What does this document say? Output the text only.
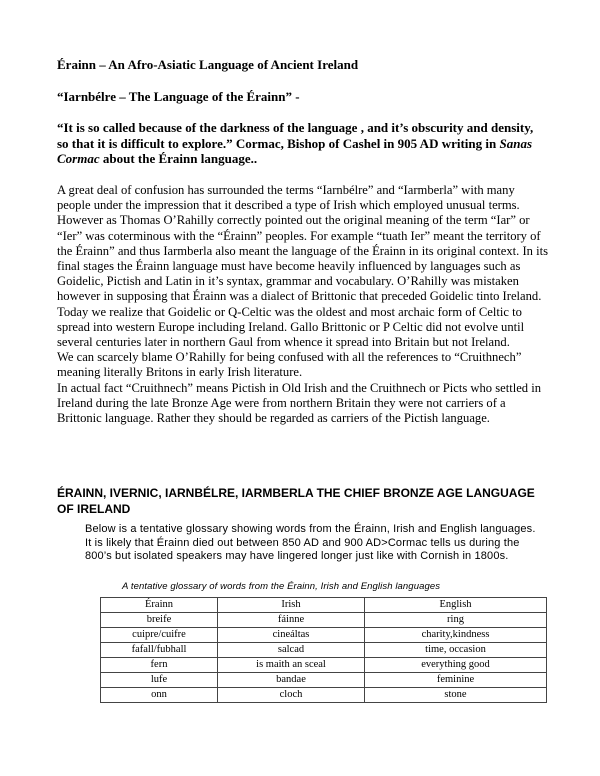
Érainn – An Afro-Asiatic Language of Ancient Ireland
“Iarnbélre – The Language of the Érainn” -
“It is so called because of the darkness of the language , and it’s obscurity and density, so that it is difficult to explore.” Cormac, Bishop of Cashel in 905 AD writing in Sanas Cormac about the Érainn language..

A great deal of confusion has surrounded the terms “Iarnbélre” and “Iarmberla” with many people under the impression that it described a type of Irish which employed unusual terms. However as Thomas O’Rahilly correctly pointed out the original meaning of the term “Iar” or “Ier” was coterminous with the “Érainn” peoples. For example “tuath Ier” meant the territory of the Érainn” and thus Iarmberla also meant the language of the Érainn in its original context. In its final stages the Érainn language must have become heavily influenced by languages such as Goidelic, Pictish and Latin in it’s syntax, grammar and vocabulary. O’Rahilly was mistaken however in supposing that Érainn was a dialect of Brittonic that preceded Goidelic tinto Ireland. Today we realize that Goidelic or Q-Celtic was the oldest and most archaic form of Celtic to spread into western Europe including Ireland. Gallo Brittonic or P Celtic did not evolve until several centuries later in northern Gaul from whence it spread into Britain but not Ireland.

We can scarcely blame O’Rahilly for being confused with all the references to “Cruithnech” meaning literally Britons in early Irish literature.

In actual fact “Cruithnech” means Pictish in Old Irish and the Cruithnech or Picts who settled in Ireland during the late Bronze Age were from northern Britain they were not carriers of a Brittonic language. Rather they should be regarded as carriers of the Pictish language.

ÉRAINN, IVERNIC, IARNBÉLRE, IARMBERLA THE CHIEF BRONZE AGE LANGUAGE OF IRELAND
Below is a tentative glossary showing words from the Érainn, Irish and English languages. It is likely that Érainn died out between 850 AD and 900 AD>Cormac tells us during the 800’s but isolated speakers may have lingered longer just like with Cornish in 1800s.
A tentative glossary of words from the Érainn, Irish and English languages
Érainn	Irish	English
breife	fáinne	ring
cuipre/cuifre	cineáltas	charity,kindness
fafall/fubhall	salcad	time, occasion
fern	is maith an sceal	everything good
lufe	bandae	feminine
onn	cloch	stone
